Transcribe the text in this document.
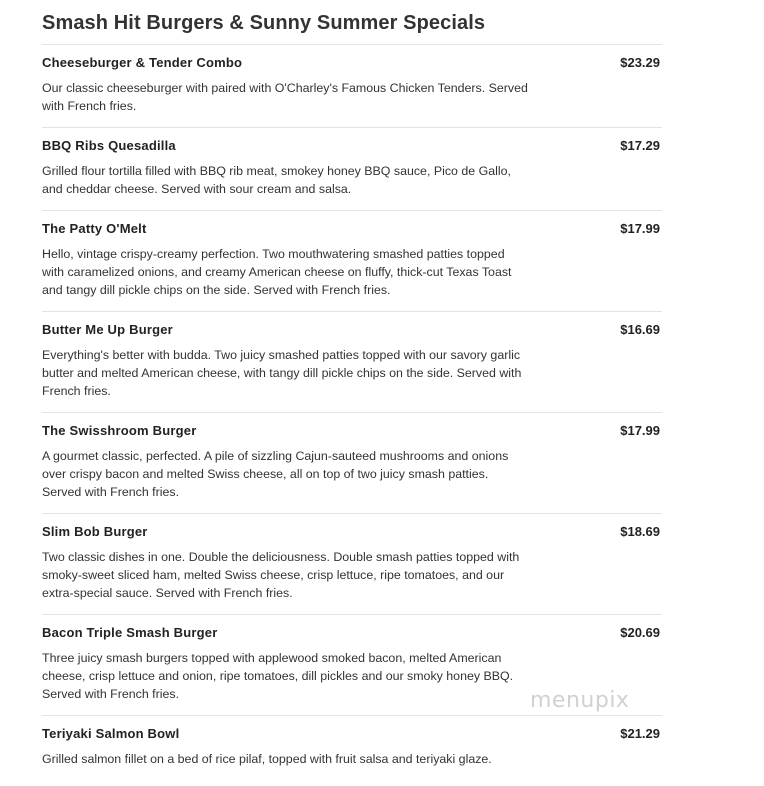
Smash Hit Burgers & Sunny Summer Specials
Cheeseburger & Tender Combo	$23.29
Our classic cheeseburger with paired with O'Charley's Famous Chicken Tenders. Served with French fries.
BBQ Ribs Quesadilla	$17.29
Grilled flour tortilla filled with BBQ rib meat, smokey honey BBQ sauce, Pico de Gallo, and cheddar cheese. Served with sour cream and salsa.
The Patty O'Melt	$17.99
Hello, vintage crispy-creamy perfection. Two mouthwatering smashed patties topped with caramelized onions, and creamy American cheese on fluffy, thick-cut Texas Toast and tangy dill pickle chips on the side. Served with French fries.
Butter Me Up Burger	$16.69
Everything's better with budda. Two juicy smashed patties topped with our savory garlic butter and melted American cheese, with tangy dill pickle chips on the side. Served with French fries.
The Swisshroom Burger	$17.99
A gourmet classic, perfected. A pile of sizzling Cajun-sauteed mushrooms and onions over crispy bacon and melted Swiss cheese, all on top of two juicy smash patties. Served with French fries.
Slim Bob Burger	$18.69
Two classic dishes in one. Double the deliciousness. Double smash patties topped with smoky-sweet sliced ham, melted Swiss cheese, crisp lettuce, ripe tomatoes, and our extra-special sauce. Served with French fries.
Bacon Triple Smash Burger	$20.69
Three juicy smash burgers topped with applewood smoked bacon, melted American cheese, crisp lettuce and onion, ripe tomatoes, dill pickles and our smoky honey BBQ. Served with French fries.
Teriyaki Salmon Bowl	$21.29
Grilled salmon fillet on a bed of rice pilaf, topped with fruit salsa and teriyaki glaze.
menupix
